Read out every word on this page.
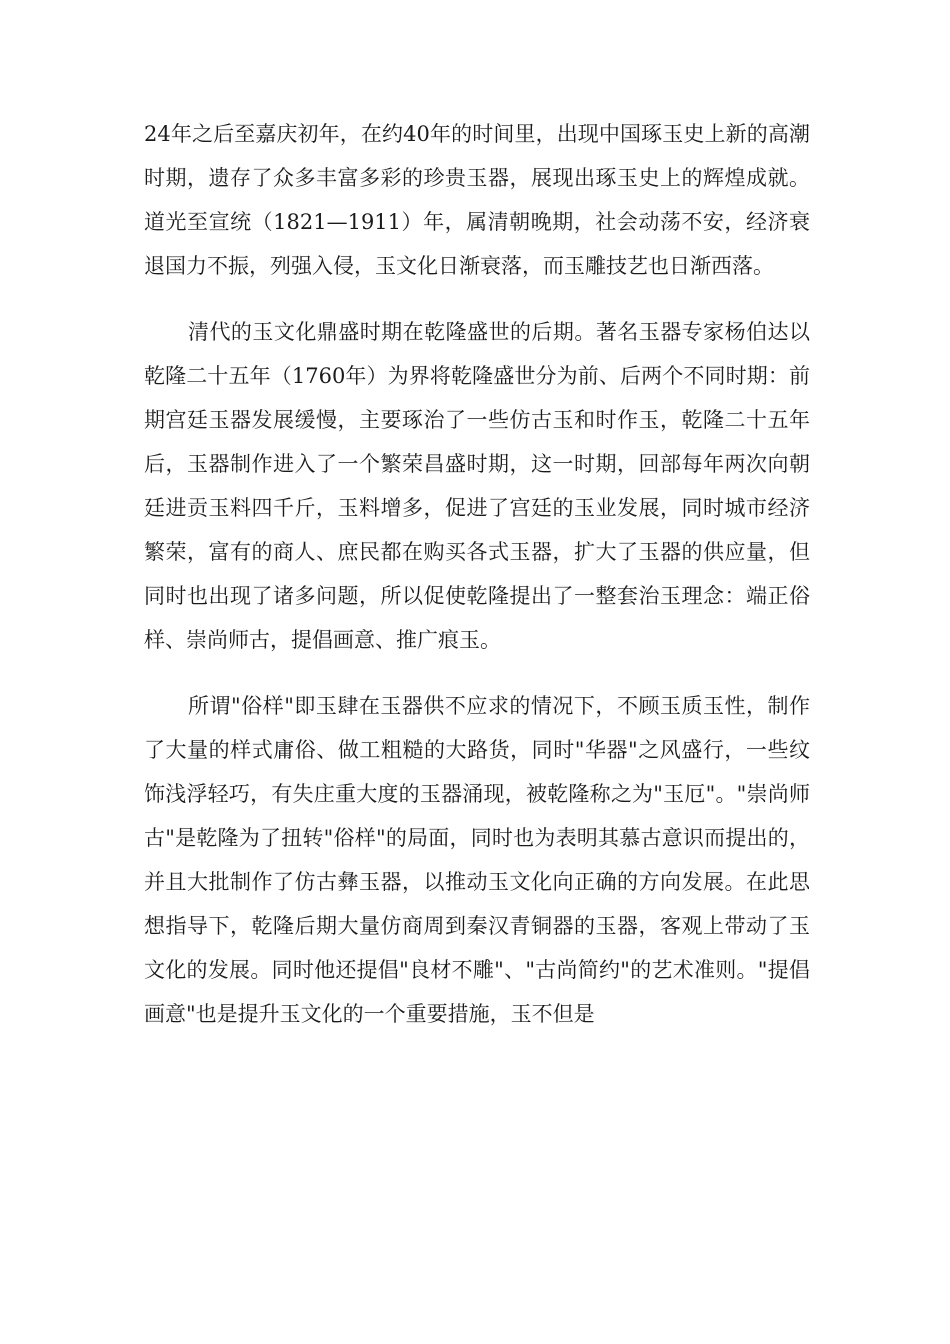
24年之后至嘉庆初年，在约40年的时间里，出现中国琢玉史上新的高潮时期，遗存了众多丰富多彩的珍贵玉器，展现出琢玉史上的辉煌成就。道光至宣统（1821—1911）年，属清朝晚期，社会动荡不安，经济衰退国力不振，列强入侵，玉文化日渐衰落，而玉雕技艺也日渐西落。

清代的玉文化鼎盛时期在乾隆盛世的后期。著名玉器专家杨伯达以乾隆二十五年（1760年）为界将乾隆盛世分为前、后两个不同时期：前期宫廷玉器发展缓慢，主要琢治了一些仿古玉和时作玉，乾隆二十五年后，玉器制作进入了一个繁荣昌盛时期，这一时期，回部每年两次向朝廷进贡玉料四千斤，玉料增多，促进了宫廷的玉业发展，同时城市经济繁荣，富有的商人、庶民都在购买各式玉器，扩大了玉器的供应量，但同时也出现了诸多问题，所以促使乾隆提出了一整套治玉理念：端正俗样、崇尚师古，提倡画意、推广痕玉。

所谓"俗样"即玉肆在玉器供不应求的情况下，不顾玉质玉性，制作了大量的样式庸俗、做工粗糙的大路货，同时"华器"之风盛行，一些纹饰浅浮轻巧，有失庄重大度的玉器涌现，被乾隆称之为"玉厄"。"崇尚师古"是乾隆为了扭转"俗样"的局面，同时也为表明其慕古意识而提出的，并且大批制作了仿古彝玉器，以推动玉文化向正确的方向发展。在此思想指导下，乾隆后期大量仿商周到秦汉青铜器的玉器，客观上带动了玉文化的发展。同时他还提倡"良材不雕"、"古尚简约"的艺术准则。"提倡画意"也是提升玉文化的一个重要措施，玉不但是
